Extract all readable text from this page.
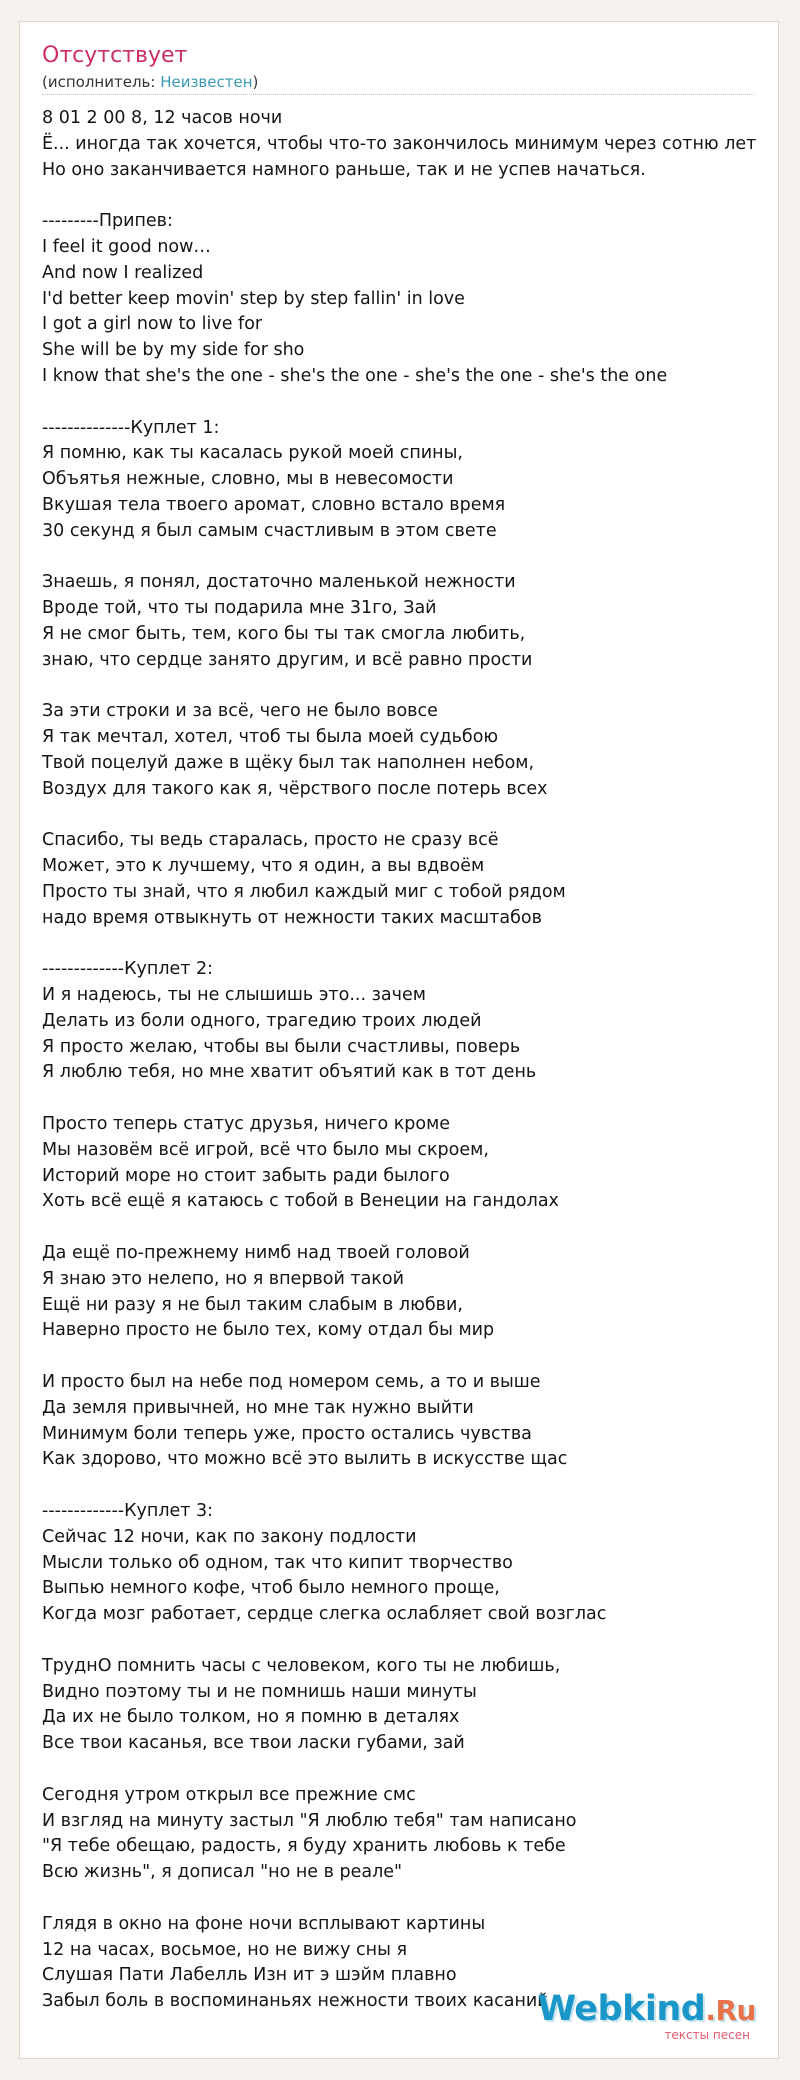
Отсутствует
(исполнитель: Неизвестен)
8 01 2 00 8, 12 часов ночи
Ё... иногда так хочется, чтобы что-то закончилось минимум через сотню лет
Но оно заканчивается намного раньше, так и не успев начаться.
---------Припев:
I feel it good now…
And now I realized
I'd better keep movin' step by step fallin' in love
I got a girl now to live for
She will be by my side for sho
I know that she's the one - she's the one - she's the one - she's the one
--------------Куплет 1:
Я помню, как ты касалась рукой моей спины,
Объятья нежные, словно, мы в невесомости
Вкушая тела твоего аромат, словно встало время
30 секунд я был самым счастливым в этом свете
Знаешь, я понял, достаточно маленькой нежности
Вроде той, что ты подарила мне 31го, Зай
Я не смог быть, тем, кого бы ты так смогла любить,
знаю, что сердце занято другим, и всё равно прости
За эти строки и за всё, чего не было вовсе
Я так мечтал, хотел, чтоб ты была моей судьбою
Твой поцелуй даже в щёку был так наполнен небом,
Воздух для такого как я, чёрствого после потерь всех
Спасибо, ты ведь старалась, просто не сразу всё
Может, это к лучшему, что я один, а вы вдвоём
Просто ты знай, что я любил каждый миг с тобой рядом
надо время отвыкнуть от нежности таких масштабов
-------------Куплет 2:
И я надеюсь, ты не слышишь это... зачем
Делать из боли одного, трагедию троих людей
Я просто желаю, чтобы вы были счастливы, поверь
Я люблю тебя, но мне хватит объятий как в тот день
Просто теперь статус друзья, ничего кроме
Мы назовём всё игрой, всё что было мы скроем,
Историй море но стоит забыть ради былого
Хоть всё ещё я катаюсь с тобой в Венеции на гандолах
Да ещё по-прежнему нимб над твоей головой
Я знаю это нелепо, но я впервой такой
Ещё ни разу я не был таким слабым в любви,
Наверно просто не было тех, кому отдал бы мир
И просто был на небе под номером семь, а то и выше
Да земля привычней, но мне так нужно выйти
Минимум боли теперь уже, просто остались чувства
Как здорово, что можно всё это вылить в искусстве щас
-------------Куплет 3:
Сейчас 12 ночи, как по закону подлости
Мысли только об одном, так что кипит творчество
Выпью немного кофе, чтоб было немного проще,
Когда мозг работает, сердце слегка ослабляет свой возглас
ТруднО помнить часы с человеком, кого ты не любишь,
Видно поэтому ты и не помнишь наши минуты
Да их не было толком, но я помню в деталях
Все твои касанья, все твои ласки губами, зай
Сегодня утром открыл все прежние смс
И взгляд на минуту застыл "Я люблю тебя" там написано
"Я тебе обещаю, радость, я буду хранить любовь к тебе
Всю жизнь", я дописал "но не в реале"
Глядя в окно на фоне ночи всплывают картины
12 на часах, восьмое, но не вижу сны я
Слушая Пати Лабелль Изн ит э шэйм плавно
Забыл боль в воспоминаньях нежности твоих касаний
Webkind.Ru
тексты песен
